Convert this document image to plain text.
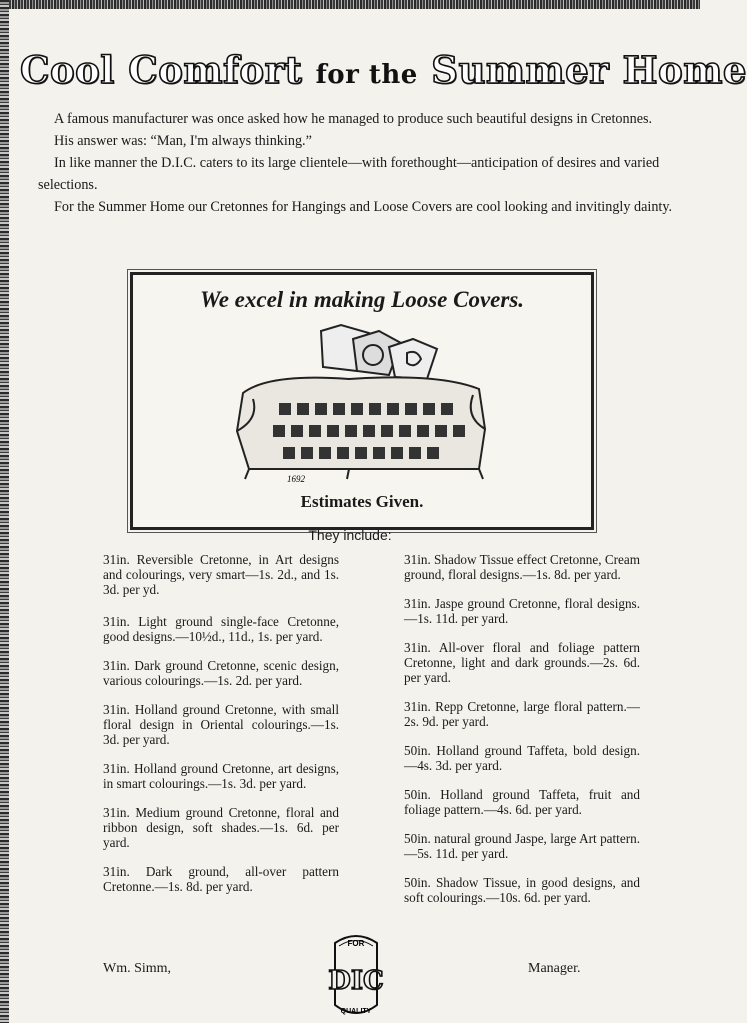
Cool Comfort for the Summer Home

A famous manufacturer was once asked how he managed to produce such beautiful designs in Cretonnes.

His answer was: “Man, I'm always thinking.”

In like manner the D.I.C. caters to its large clientele—with forethought—anticipation of desires and varied selections.

For the Summer Home our Cretonnes for Hangings and Loose Covers are cool looking and invitingly dainty.

We excel in making Loose Covers.
1692
Estimates Given.
They include:

31in. Reversible Cretonne, in Art designs and colourings, very smart—1s. 2d., and 1s. 3d. per yd.

31in. Light ground single-face Cretonne, good designs.—10½d., 11d., 1s. per yard.

31in. Dark ground Cretonne, scenic design, various colourings.—1s. 2d. per yard.

31in. Holland ground Cretonne, with small floral design in Oriental colourings.—1s. 3d. per yard.

31in. Holland ground Cretonne, art designs, in smart colourings.—1s. 3d. per yard.

31in. Medium ground Cretonne, floral and ribbon design, soft shades.—1s. 6d. per yard.

31in. Dark ground, all-over pattern Cretonne.—1s. 8d. per yard.

31in. Shadow Tissue effect Cretonne, Cream ground, floral designs.—1s. 8d. per yard.

31in. Jaspe ground Cretonne, floral designs.—1s. 11d. per yard.

31in. All-over floral and foliage pattern Cretonne, light and dark grounds.—2s. 6d. per yard.

31in. Repp Cretonne, large floral pattern.—2s. 9d. per yard.

50in. Holland ground Taffeta, bold design.—4s. 3d. per yard.

50in. Holland ground Taffeta, fruit and foliage pattern.—4s. 6d. per yard.

50in. natural ground Jaspe, large Art pattern.—5s. 11d. per yard.

50in. Shadow Tissue, in good designs, and soft colourings.—10s. 6d. per yard.

Wm. Simm,
FOR
DIC
QUALITY
Manager.
